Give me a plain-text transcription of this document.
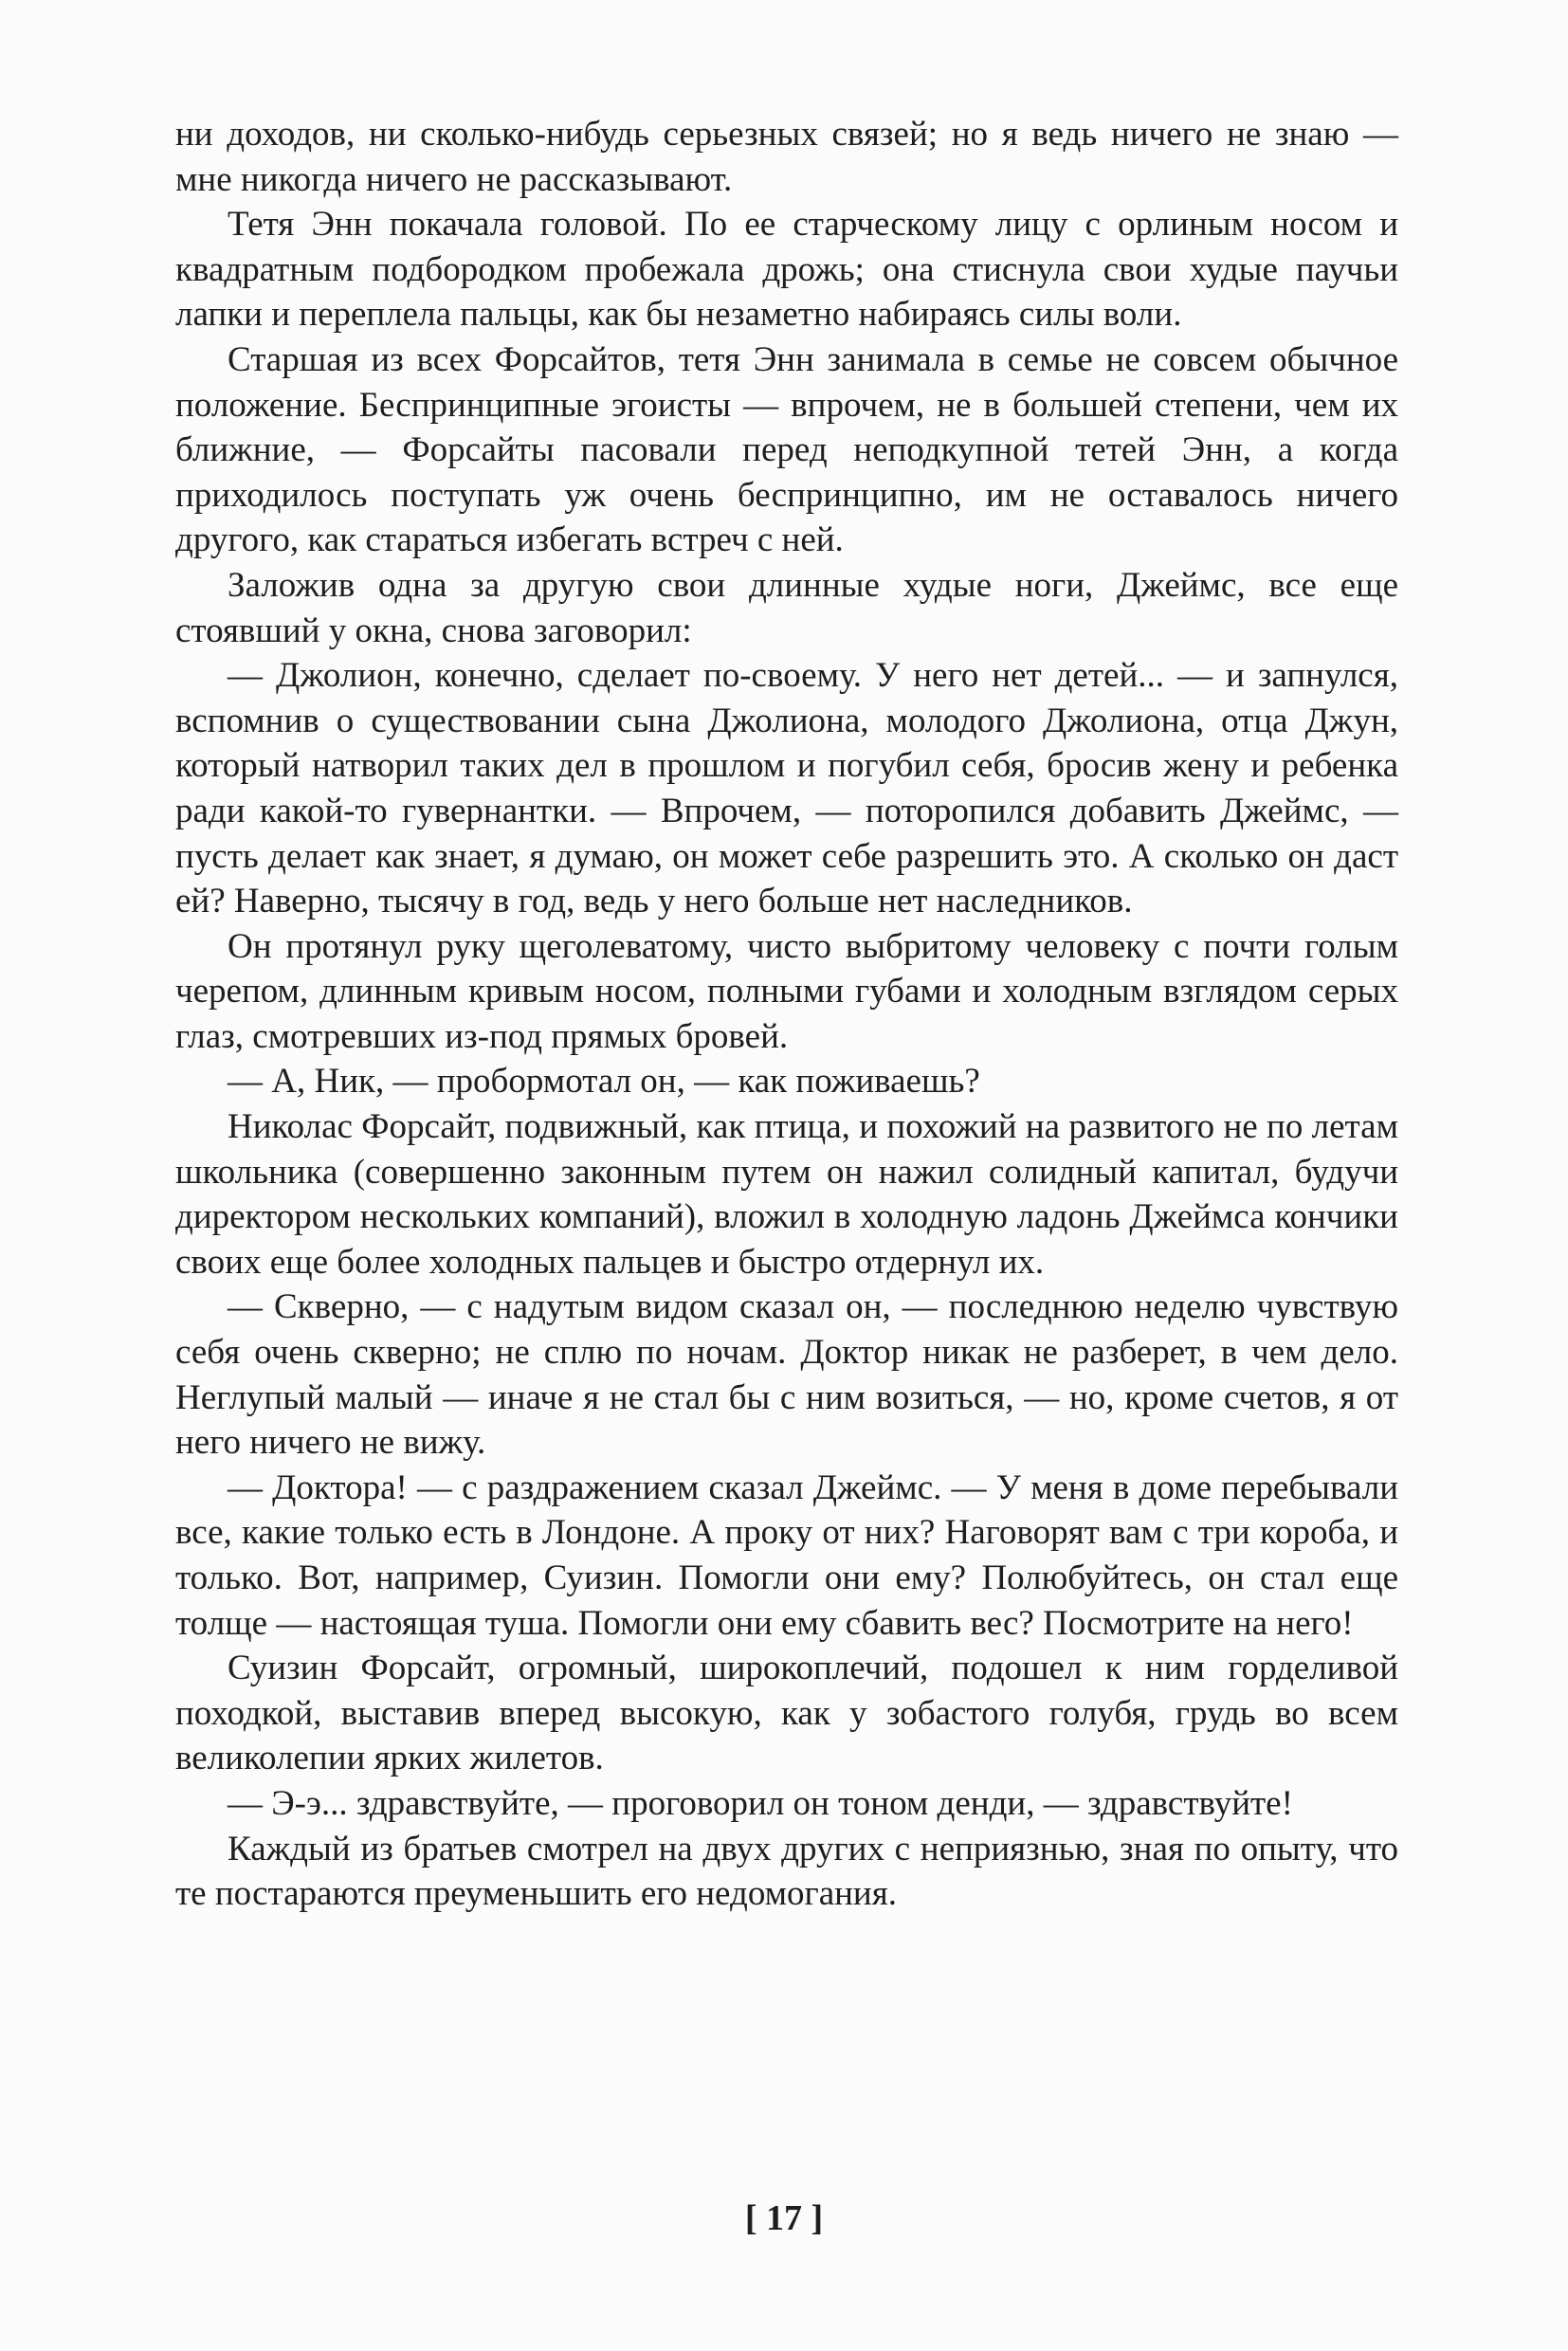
ни доходов, ни сколько-нибудь серьезных связей; но я ведь ничего не знаю — мне никогда ничего не рассказывают.

Тетя Энн покачала головой. По ее старческому лицу с орлиным носом и квадратным подбородком пробежала дрожь; она стиснула свои худые паучьи лапки и переплела пальцы, как бы незаметно набираясь силы воли.

Старшая из всех Форсайтов, тетя Энн занимала в семье не совсем обычное положение. Беспринципные эгоисты — впрочем, не в большей степени, чем их ближние, — Форсайты пасовали перед неподкупной тетей Энн, а когда приходилось поступать уж очень беспринципно, им не оставалось ничего другого, как стараться избегать встреч с ней.

Заложив одна за другую свои длинные худые ноги, Джеймс, все еще стоявший у окна, снова заговорил:

— Джолион, конечно, сделает по-своему. У него нет детей... — и запнулся, вспомнив о существовании сына Джолиона, молодого Джолиона, отца Джун, который натворил таких дел в прошлом и погубил себя, бросив жену и ребенка ради какой-то гувернантки. — Впрочем, — поторопился добавить Джеймс, — пусть делает как знает, я думаю, он может себе разрешить это. А сколько он даст ей? Наверно, тысячу в год, ведь у него больше нет наследников.

Он протянул руку щеголеватому, чисто выбритому человеку с почти голым черепом, длинным кривым носом, полными губами и холодным взглядом серых глаз, смотревших из-под прямых бровей.

— А, Ник, — пробормотал он, — как поживаешь?

Николас Форсайт, подвижный, как птица, и похожий на развитого не по летам школьника (совершенно законным путем он нажил солидный капитал, будучи директором нескольких компаний), вложил в холодную ладонь Джеймса кончики своих еще более холодных пальцев и быстро отдернул их.

— Скверно, — с надутым видом сказал он, — последнюю неделю чувствую себя очень скверно; не сплю по ночам. Доктор никак не разберет, в чем дело. Неглупый малый — иначе я не стал бы с ним возиться, — но, кроме счетов, я от него ничего не вижу.

— Доктора! — с раздражением сказал Джеймс. — У меня в доме перебывали все, какие только есть в Лондоне. А проку от них? Наговорят вам с три короба, и только. Вот, например, Суизин. Помогли они ему? Полюбуйтесь, он стал еще толще — настоящая туша. Помогли они ему сбавить вес? Посмотрите на него!

Суизин Форсайт, огромный, широкоплечий, подошел к ним горделивой походкой, выставив вперед высокую, как у зобастого голубя, грудь во всем великолепии ярких жилетов.

— Э-э... здравствуйте, — проговорил он тоном денди, — здравствуйте!

Каждый из братьев смотрел на двух других с неприязнью, зная по опыту, что те постараются преуменьшить его недомогания.

[ 17 ]
